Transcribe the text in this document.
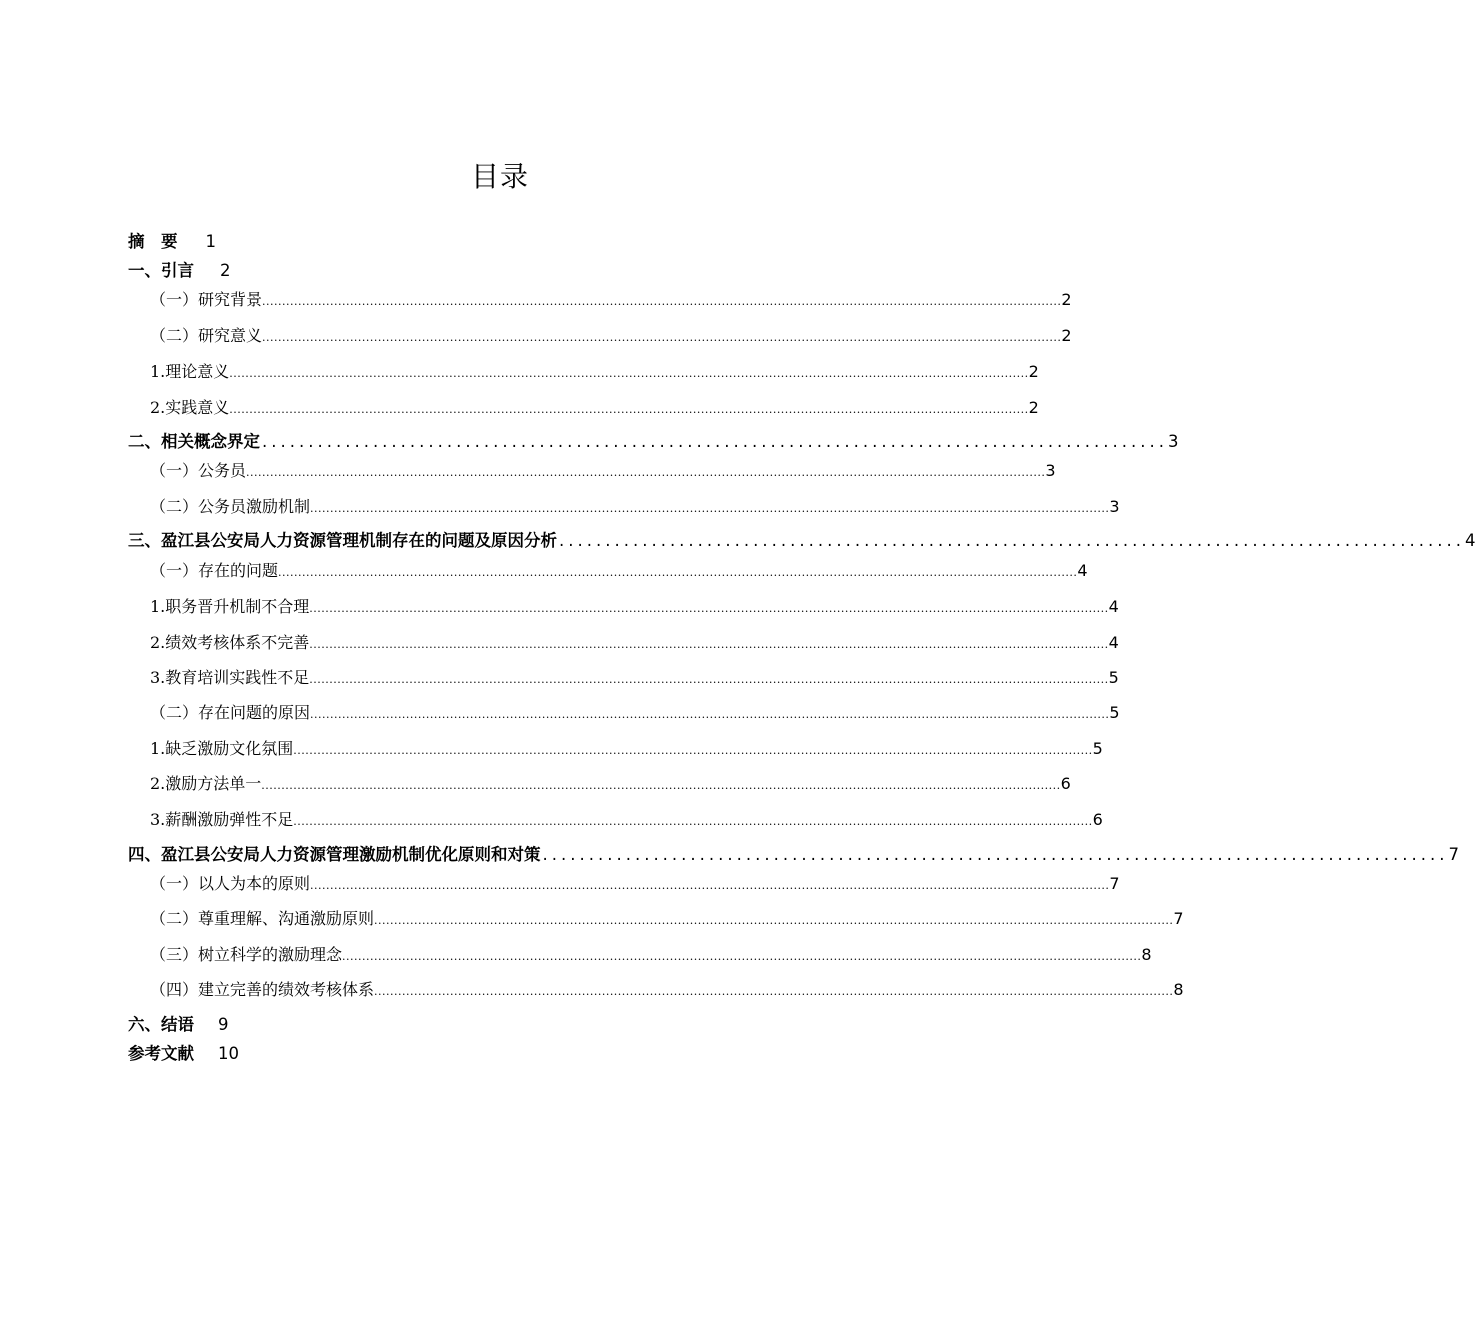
目录
摘　要 1
一、引言 2
（一）研究背景 ........................................................................................................................................................................................................ 2
（二）研究意义 ........................................................................................................................................................................................................ 2
1.理论意义 ........................................................................................................................................................................................................ 2
2.实践意义 ........................................................................................................................................................................................................ 2
二、相关概念界定 .................................................................................................. 3
（一）公务员 ........................................................................................................................................................................................................ 3
（二）公务员激励机制 ........................................................................................................................................................................................................ 3
三、盈江县公安局人力资源管理机制存在的问题及原因分析 .................................................................................................. 4
（一）存在的问题 ........................................................................................................................................................................................................ 4
1.职务晋升机制不合理 ........................................................................................................................................................................................................ 4
2.绩效考核体系不完善 ........................................................................................................................................................................................................ 4
3.教育培训实践性不足 ........................................................................................................................................................................................................ 5
（二）存在问题的原因 ........................................................................................................................................................................................................ 5
1.缺乏激励文化氛围 ........................................................................................................................................................................................................ 5
2.激励方法单一 ........................................................................................................................................................................................................ 6
3.薪酬激励弹性不足 ........................................................................................................................................................................................................ 6
四、盈江县公安局人力资源管理激励机制优化原则和对策 .................................................................................................. 7
（一）以人为本的原则 ........................................................................................................................................................................................................ 7
（二）尊重理解、沟通激励原则 ........................................................................................................................................................................................................ 7
（三）树立科学的激励理念 ........................................................................................................................................................................................................ 8
（四）建立完善的绩效考核体系 ........................................................................................................................................................................................................ 8
六、结语 9
参考文献 10
